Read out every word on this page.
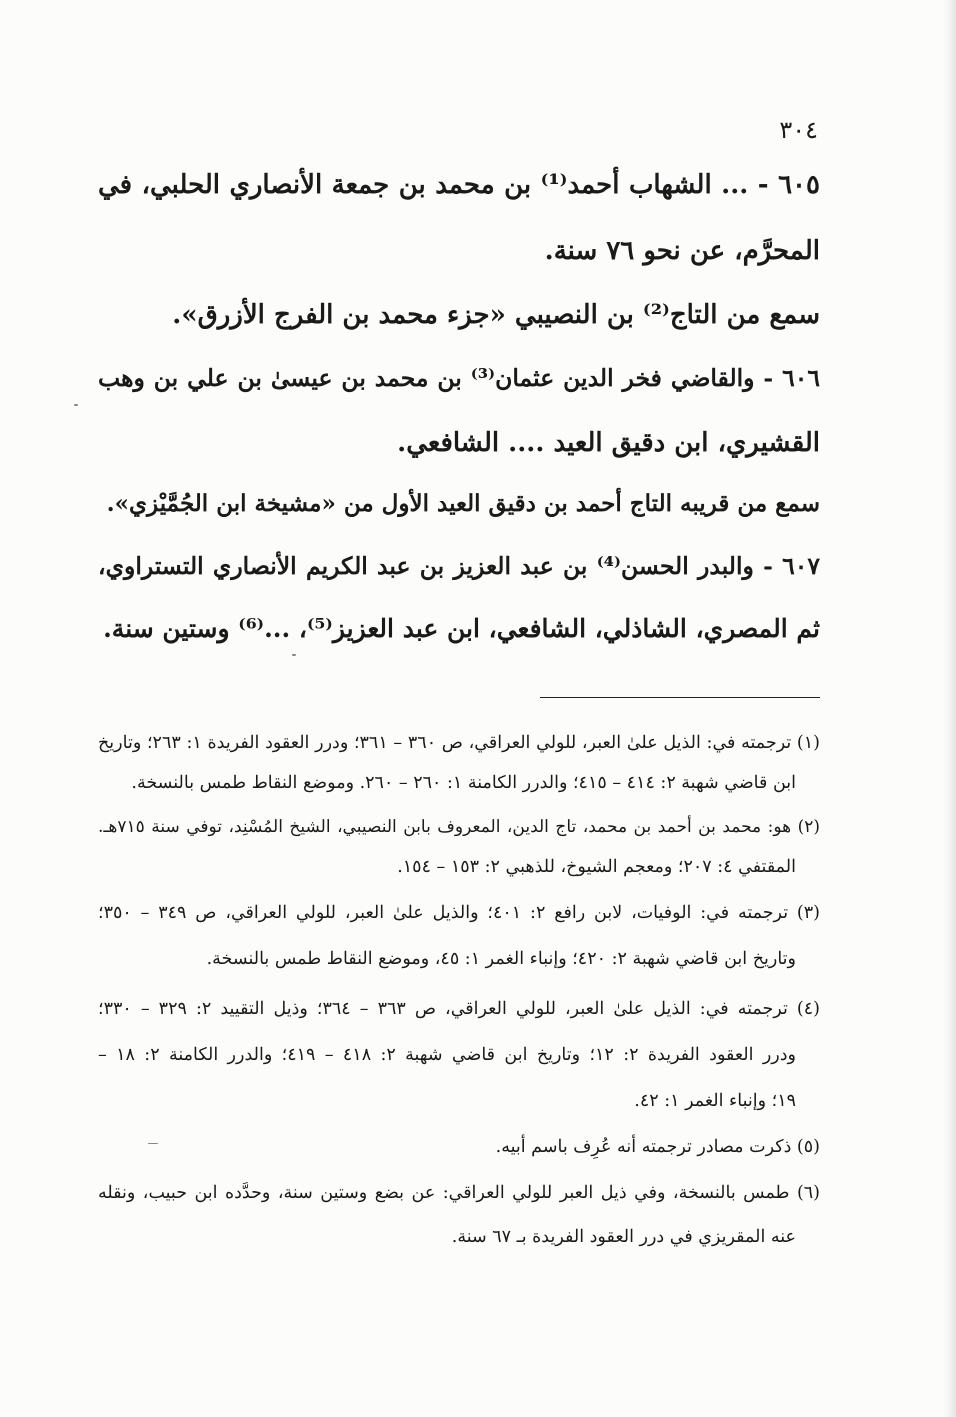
٣٠٤
٦٠٥ - ... الشهاب أحمد⁽¹⁾ بن محمد بن جمعة الأنصاري الحلبي، في
المحرَّم، عن نحو ٧٦ سنة.
سمع من التاج⁽²⁾ بن النصيبي «جزء محمد بن الفرج الأزرق».
٦٠٦ - والقاضي فخر الدين عثمان⁽³⁾ بن محمد بن عيسىٰ بن علي بن وهب
القشيري، ابن دقيق العيد .... الشافعي.
سمع من قريبه التاج أحمد بن دقيق العيد الأول من «مشيخة ابن الجُمَّيْزي».
٦٠٧ - والبدر الحسن⁽⁴⁾ بن عبد العزيز بن عبد الكريم الأنصاري التستراوي،
ثم المصري، الشاذلي، الشافعي، ابن عبد العزيز⁽⁵⁾، ...⁽⁶⁾ وستين سنة.
(١) ترجمته في: الذيل علىٰ العبر، للولي العراقي، ص ٣٦٠ – ٣٦١؛ ودرر العقود الفريدة ١: ٢٦٣؛ وتاريخ
ابن قاضي شهبة ٢: ٤١٤ – ٤١٥؛ والدرر الكامنة ١: ٢٦٠ – ٢٦٠. وموضع النقاط طمس بالنسخة.
(٢) هو: محمد بن أحمد بن محمد، تاج الدين، المعروف بابن النصيبي، الشيخ المُسْنِد، توفي سنة ٧١٥هـ.
المقتفي ٤: ٢٠٧؛ ومعجم الشيوخ، للذهبي ٢: ١٥٣ – ١٥٤.
(٣) ترجمته في: الوفيات، لابن رافع ٢: ٤٠١؛ والذيل علىٰ العبر، للولي العراقي، ص ٣٤٩ – ٣٥٠؛
وتاريخ ابن قاضي شهبة ٢: ٤٢٠؛ وإنباء الغمر ١: ٤٥، وموضع النقاط طمس بالنسخة.
(٤) ترجمته في: الذيل علىٰ العبر، للولي العراقي، ص ٣٦٣ – ٣٦٤؛ وذيل التقييد ٢: ٣٢٩ – ٣٣٠؛
ودرر العقود الفريدة ٢: ١٢؛ وتاريخ ابن قاضي شهبة ٢: ٤١٨ – ٤١٩؛ والدرر الكامنة ٢: ١٨ –
١٩؛ وإنباء الغمر ١: ٤٢.
(٥) ذكرت مصادر ترجمته أنه عُرِف باسم أبيه.
(٦) طمس بالنسخة، وفي ذيل العبر للولي العراقي: عن بضع وستين سنة، وحدَّده ابن حبيب، ونقله
عنه المقريزي في درر العقود الفريدة بـ ٦٧ سنة.
